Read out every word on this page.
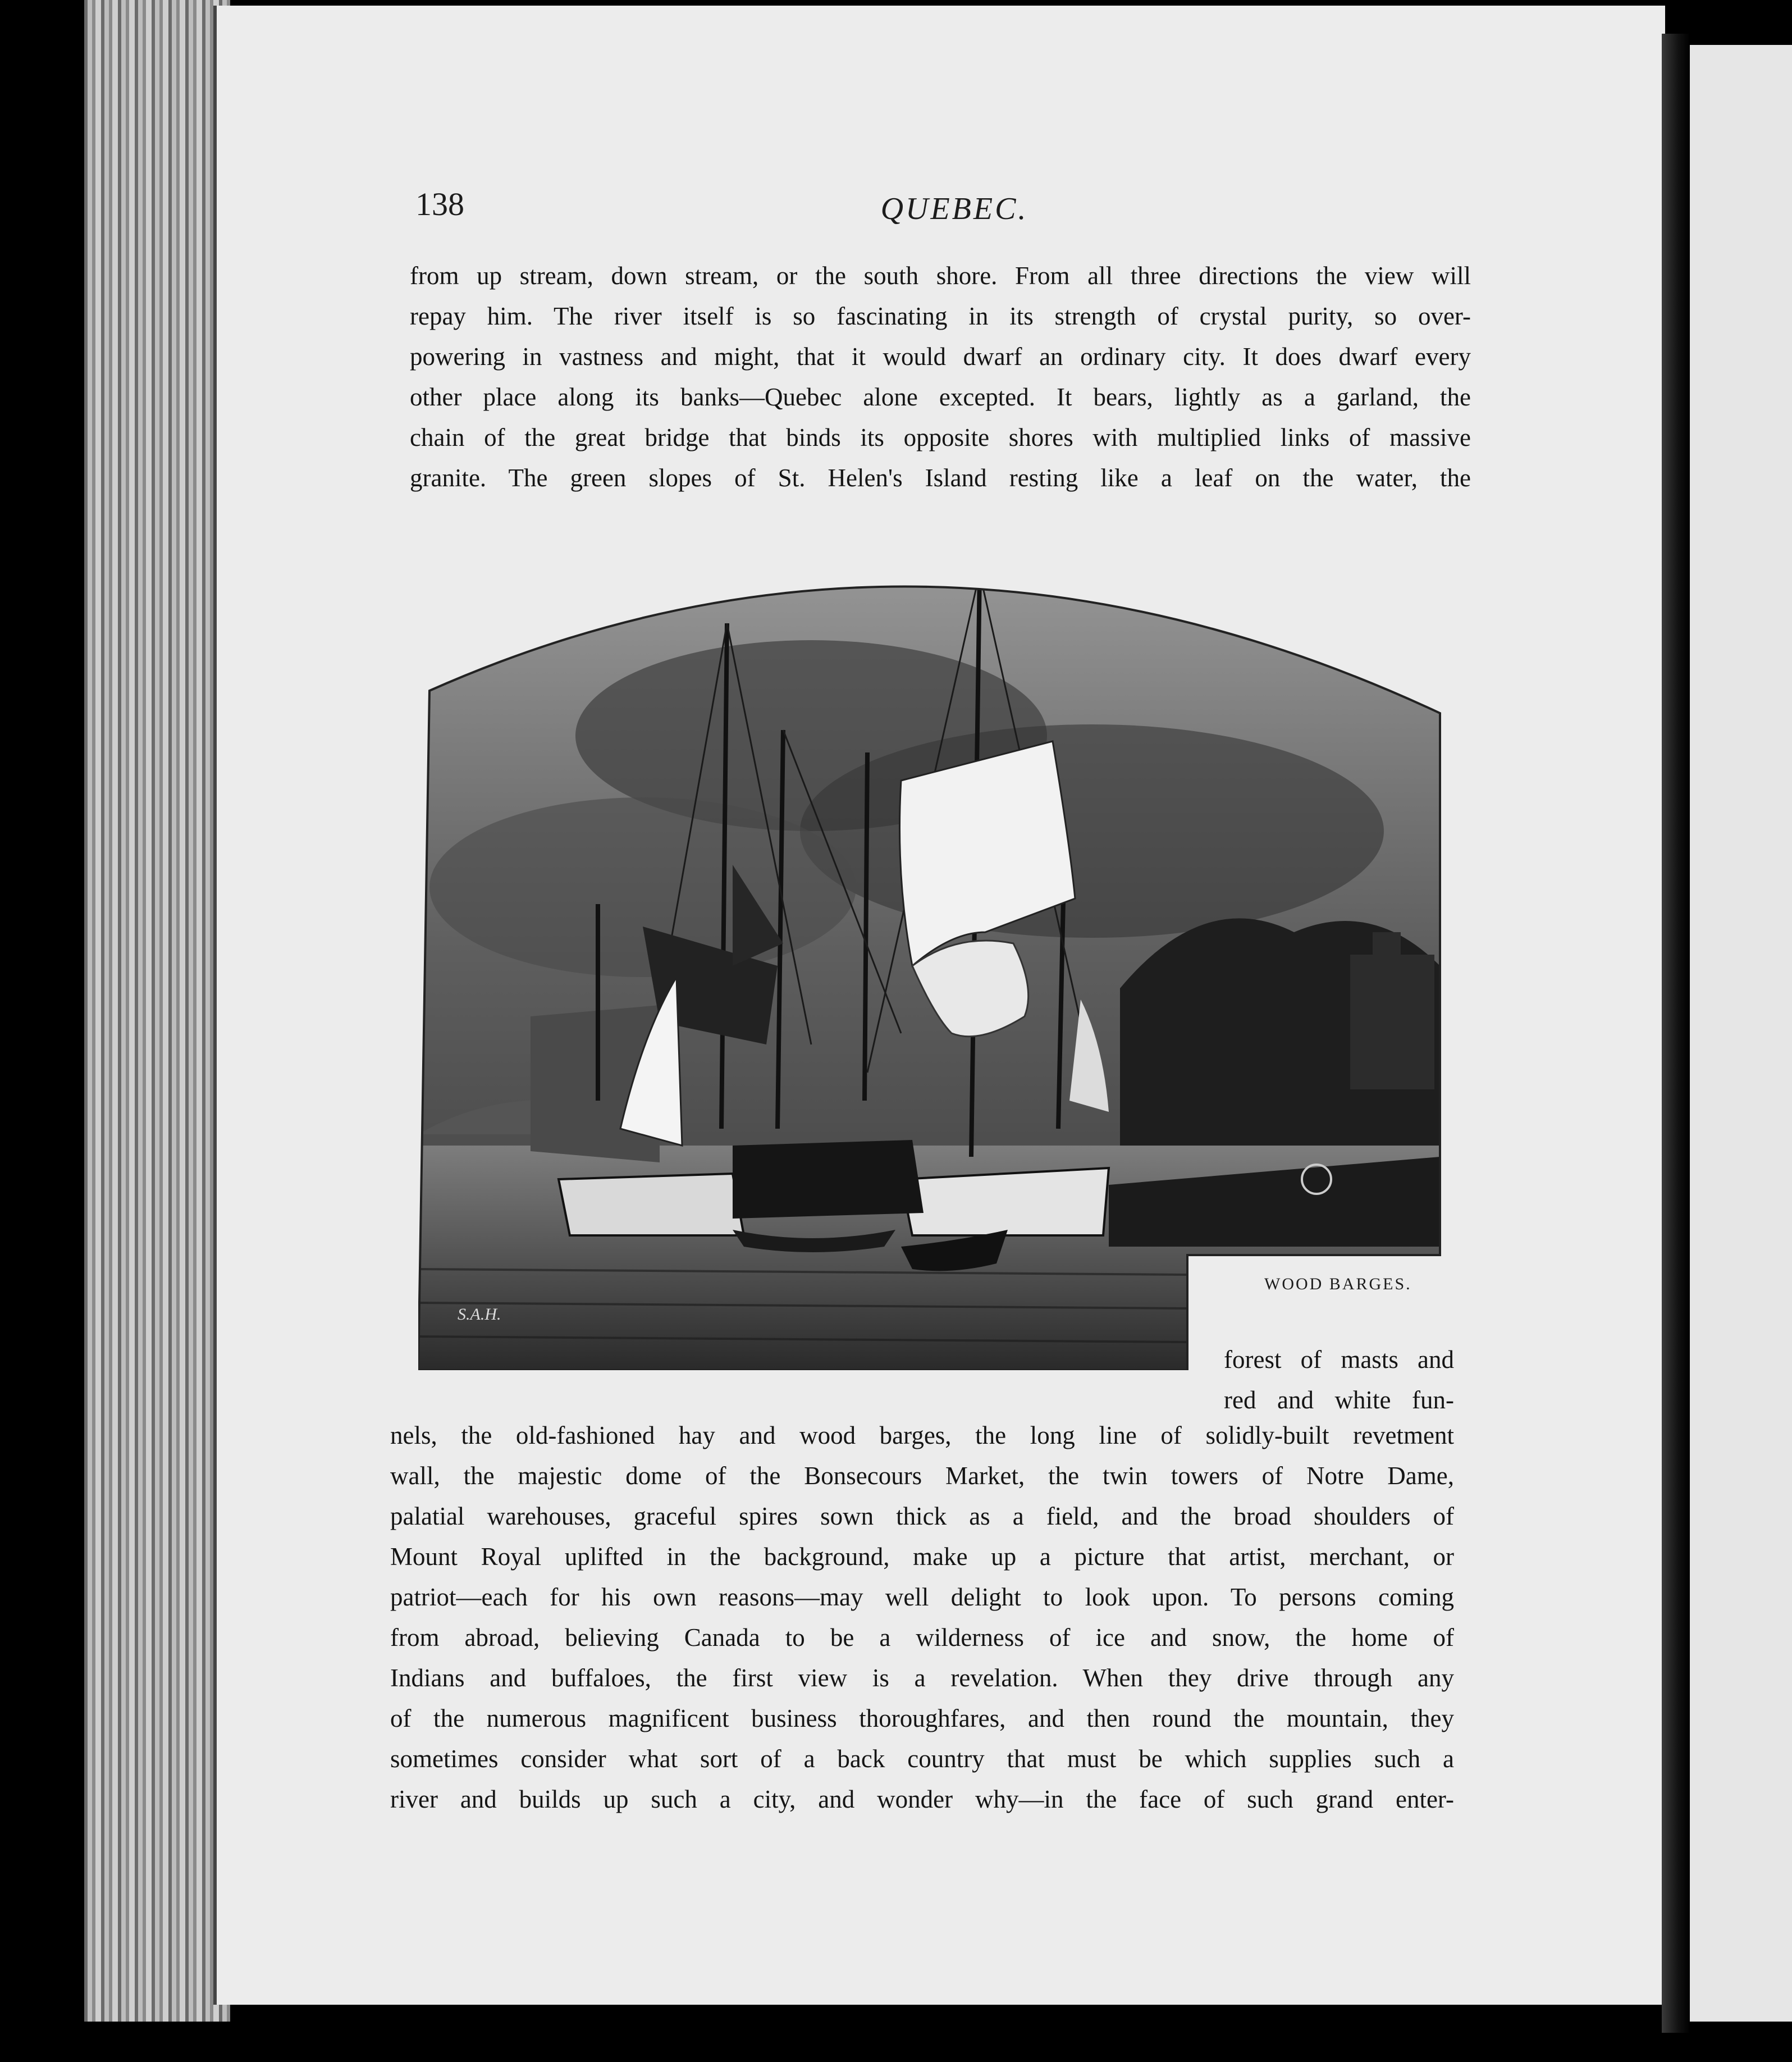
138	QUEBEC.

from up stream, down stream, or the south shore. From all three directions the view will

repay him. The river itself is so fascinating in its strength of crystal purity, so over-

powering in vastness and might, that it would dwarf an ordinary city. It does dwarf every

other place along its banks—Quebec alone excepted. It bears, lightly as a garland, the

chain of the great bridge that binds its opposite shores with multiplied links of massive

granite. The green slopes of St. Helen's Island resting like a leaf on the water, the

S.A.H.
WOOD BARGES.

forest of masts and

red and white fun-

nels, the old-fashioned hay and wood barges, the long line of solidly-built revetment

wall, the majestic dome of the Bonsecours Market, the twin towers of Notre Dame,

palatial warehouses, graceful spires sown thick as a field, and the broad shoulders of

Mount Royal uplifted in the background, make up a picture that artist, merchant, or

patriot—each for his own reasons—may well delight to look upon. To persons coming

from abroad, believing Canada to be a wilderness of ice and snow, the home of

Indians and buffaloes, the first view is a revelation. When they drive through any

of the numerous magnificent business thoroughfares, and then round the mountain, they

sometimes consider what sort of a back country that must be which supplies such a

river and builds up such a city, and wonder why—in the face of such grand enter-
